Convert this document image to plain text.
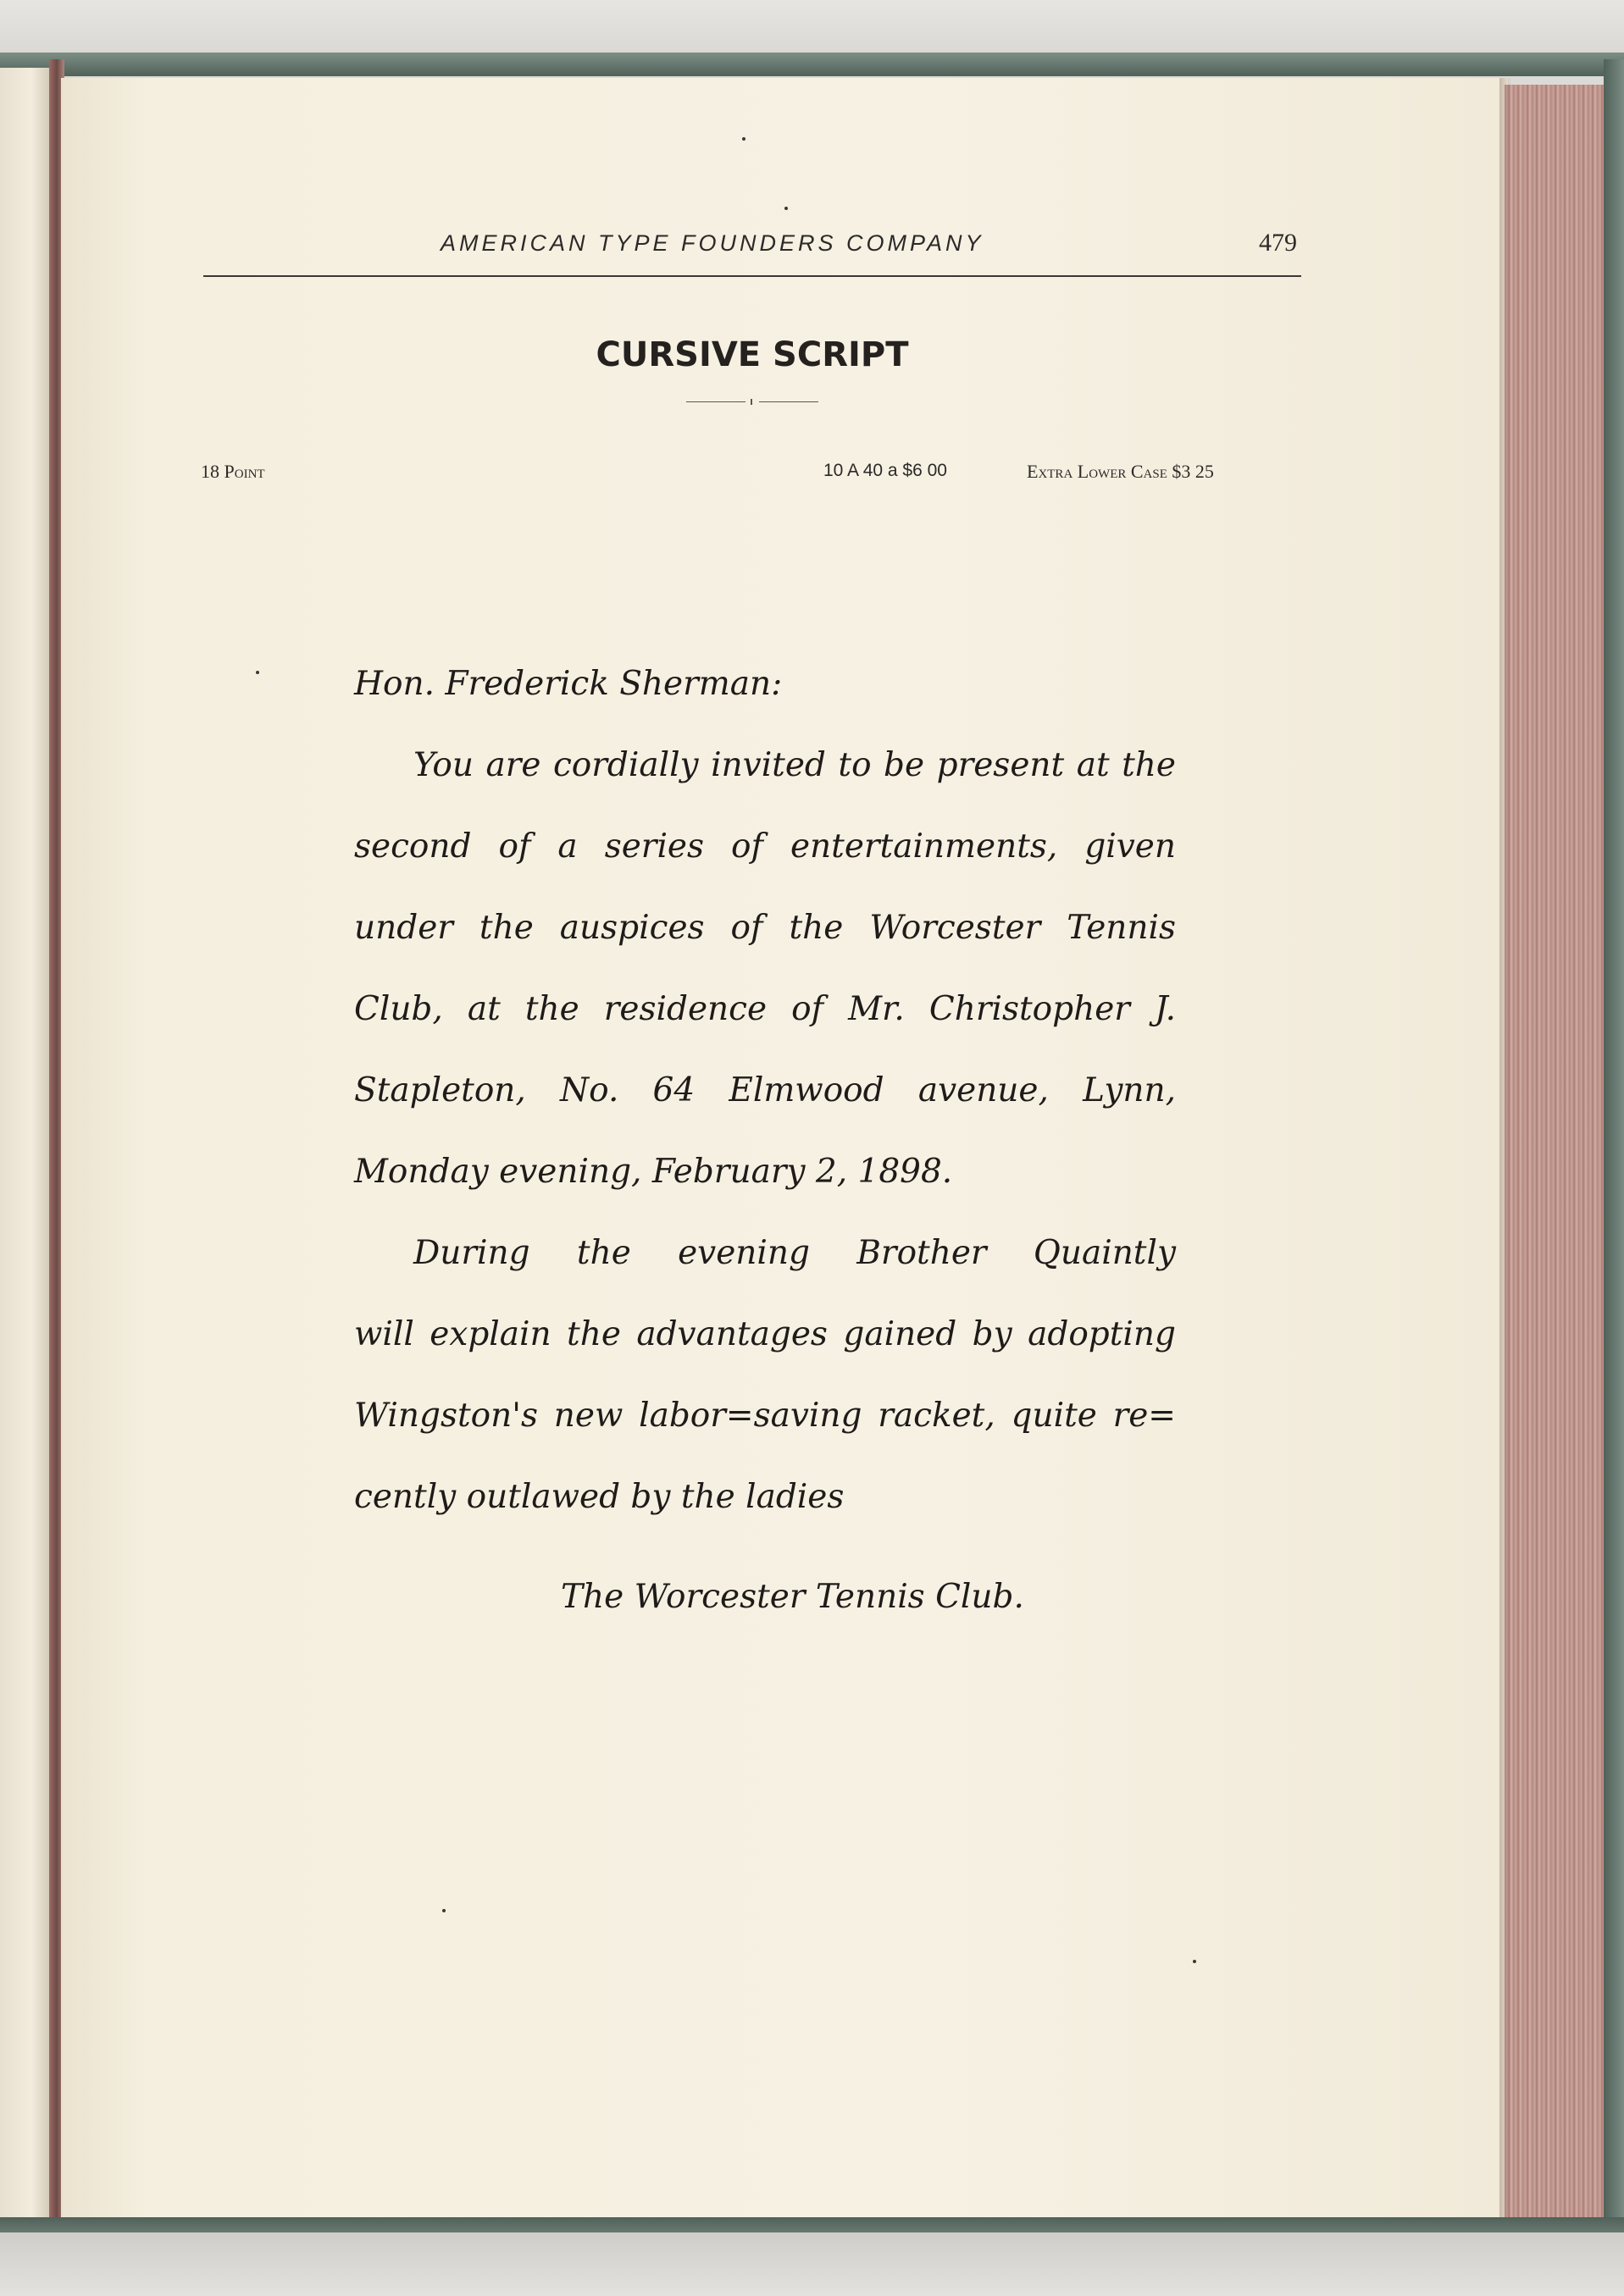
AMERICAN TYPE FOUNDERS COMPANY	479
CURSIVE SCRIPT
18 Point	10 A 40 a $6 00	Extra Lower Case $3 25
Hon. Frederick Sherman:
You are cordially invited to be present at the
second of a series of entertainments, given
under the auspices of the Worcester Tennis
Club, at the residence of Mr. Christopher J.
Stapleton, No. 64 Elmwood avenue, Lynn,
Monday evening, February 2, 1898.
During the evening Brother Quaintly
will explain the advantages gained by adopting
Wingston's new labor=saving racket, quite re=
cently outlawed by the ladies
The Worcester Tennis Club.
